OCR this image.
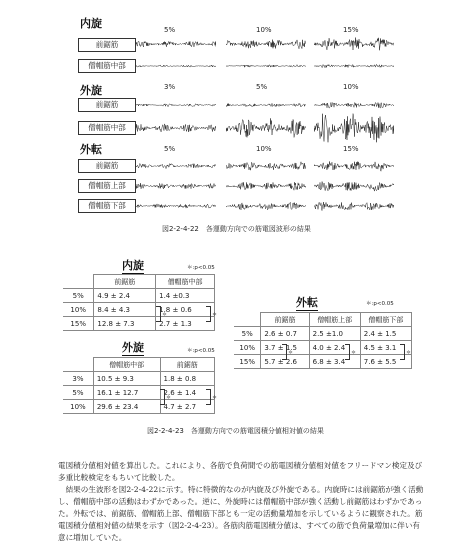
内旋	5%	10%	15%
前鋸筋
僧帽筋中部
外旋	3%	5%	10%
前鋸筋
僧帽筋中部
外転	5%	10%	15%
前鋸筋
僧帽筋上部
僧帽筋下部
図2-2-4-22　各運動方向での筋電図波形の結果
内旋	＊:p<0.05
	前鋸筋	僧帽筋中部
5%	4.9 ± 2.4	1.4 ±0.3
10%	8.4 ± 4.3	1.8 ± 0.6
15%	12.8 ± 7.3	2.7 ± 1.3
＊	＊
外旋	＊:p<0.05
	僧帽筋中部	前鋸筋
3%	10.5 ± 9.3	1.8 ± 0.8
5%	16.1 ± 12.7	2.6 ± 1.4
10%	29.6 ± 23.4	4.7 ± 2.7
＊	＊
外転	＊:p<0.05
	前鋸筋	僧帽筋上部	僧帽筋下部
5%	2.6 ± 0.7	2.5 ±1.0	2.4 ± 1.5
10%	3.7 ± 1.5	4.0 ± 2.4	4.5 ± 3.1
15%	5.7 ± 2.6	6.8 ± 3.4	7.6 ± 5.5
＊	＊	＊
図2-2-4-23　各運動方向での筋電図積分値相対値の結果

電図積分値相対値を算出した。これにより、各筋で負荷間での筋電図積分値相対値をフリードマン検定及び多重比較検定をもちいて比較した。

結果の生波形を図2-2-4-22に示す。特に特徴的なのが内旋及び外旋である。内旋時には前鋸筋が強く活動し、僧帽筋中部の活動はわずかであった。逆に、外旋時には僧帽筋中部が強く活動し前鋸筋はわずかであった。外転では、前鋸筋、僧帽筋上部、僧帽筋下部とも一定の活動量増加を示しているように観察された。筋電図積分値相対値の結果を示す（図2-2-4-23）。各筋肉筋電図積分値は、すべての筋で負荷量増加に伴い有意に増加していた。
